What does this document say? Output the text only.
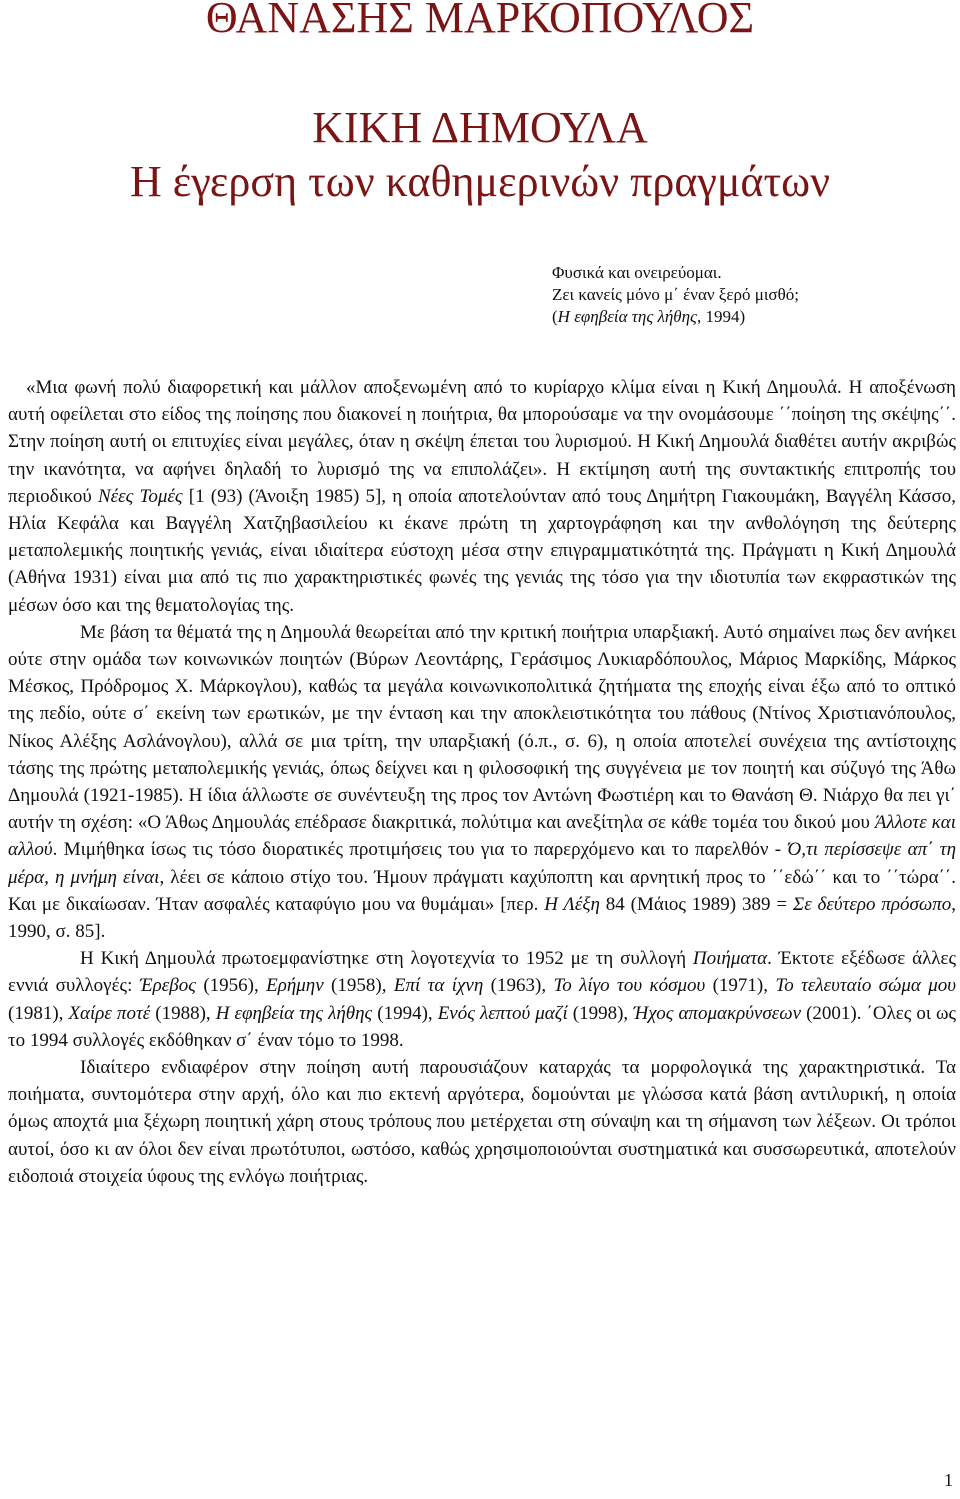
ΘΑΝΑΣΗΣ ΜΑΡΚΟΠΟΥΛΟΣ
ΚΙΚΗ ΔΗΜΟΥΛΑ
Η έγερση των καθημερινών πραγμάτων
Φυσικά και ονειρεύομαι.
Ζει κανείς μόνο μ΄ έναν ξερό μισθό;
(Η εφηβεία της λήθης, 1994)

«Μια φωνή πολύ διαφορετική και μάλλον αποξενωμένη από το κυρίαρχο κλίμα είναι η Κική Δημουλά. Η αποξένωση αυτή οφείλεται στο είδος της ποίησης που διακονεί η ποιήτρια, θα μπορούσαμε να την ονομάσουμε ΄΄ποίηση της σκέψης΄΄. Στην ποίηση αυτή οι επιτυχίες είναι μεγάλες, όταν η σκέψη έπεται του λυρισμού. Η Κική Δημουλά διαθέτει αυτήν ακριβώς την ικανότητα, να αφήνει δηλαδή το λυρισμό της να επιπολάζει». Η εκτίμηση αυτή της συντακτικής επιτροπής του περιοδικού Νέες Τομές [1 (93) (Άνοιξη 1985) 5], η οποία αποτελούνταν από τους Δημήτρη Γιακουμάκη, Βαγγέλη Κάσσο, Ηλία Κεφάλα και Βαγγέλη Χατζηβασιλείου κι έκανε πρώτη τη χαρτογράφηση και την ανθολόγηση της δεύτερης μεταπολεμικής ποιητικής γενιάς, είναι ιδιαίτερα εύστοχη μέσα στην επιγραμματικότητά της. Πράγματι η Κική Δημουλά (Αθήνα 1931) είναι μια από τις πιο χαρακτηριστικές φωνές της γενιάς της τόσο για την ιδιοτυπία των εκφραστικών της μέσων όσο και της θεματολογίας της.

Με βάση τα θέματά της η Δημουλά θεωρείται από την κριτική ποιήτρια υπαρξιακή. Αυτό σημαίνει πως δεν ανήκει ούτε στην ομάδα των κοινωνικών ποιητών (Βύρων Λεοντάρης, Γεράσιμος Λυκιαρδόπουλος, Μάριος Μαρκίδης, Μάρκος Μέσκος, Πρόδρομος Χ. Μάρκογλου), καθώς τα μεγάλα κοινωνικοπολιτικά ζητήματα της εποχής είναι έξω από το οπτικό της πεδίο, ούτε σ΄ εκείνη των ερωτικών, με την ένταση και την αποκλειστικότητα του πάθους (Ντίνος Χριστιανόπουλος, Νίκος Αλέξης Ασλάνογλου), αλλά σε μια τρίτη, την υπαρξιακή (ό.π., σ. 6), η οποία αποτελεί συνέχεια της αντίστοιχης τάσης της πρώτης μεταπολεμικής γενιάς, όπως δείχνει και η φιλοσοφική της συγγένεια με τον ποιητή και σύζυγό της Άθω Δημουλά (1921-1985). Η ίδια άλλωστε σε συνέντευξη της προς τον Αντώνη Φωστιέρη και το Θανάση Θ. Νιάρχο θα πει γι΄ αυτήν τη σχέση: «Ο Άθως Δημουλάς επέδρασε διακριτικά, πολύτιμα και ανεξίτηλα σε κάθε τομέα του δικού μου Άλλοτε και αλλού. Μιμήθηκα ίσως τις τόσο διορατικές προτιμήσεις του για το παρερχόμενο και το παρελθόν - Ό,τι περίσσεψε απ΄ τη μέρα, η μνήμη είναι, λέει σε κάποιο στίχο του. Ήμουν πράγματι καχύποπτη και αρνητική προς το ΄΄εδώ΄΄ και το ΄΄τώρα΄΄. Και με δικαίωσαν. Ήταν ασφαλές καταφύγιο μου να θυμάμαι» [περ. Η Λέξη 84 (Μάιος 1989) 389 = Σε δεύτερο πρόσωπο, 1990, σ. 85].

Η Κική Δημουλά πρωτοεμφανίστηκε στη λογοτεχνία το 1952 με τη συλλογή Ποιήματα. Έκτοτε εξέδωσε άλλες εννιά συλλογές: Έρεβος (1956), Ερήμην (1958), Επί τα ίχνη (1963), Το λίγο του κόσμου (1971), Το τελευταίο σώμα μου (1981), Χαίρε ποτέ (1988), Η εφηβεία της λήθης (1994), Ενός λεπτού μαζί (1998), Ήχος απομακρύνσεων (2001). ΄Ολες οι ως το 1994 συλλογές εκδόθηκαν σ΄ έναν τόμο το 1998.

Ιδιαίτερο ενδιαφέρον στην ποίηση αυτή παρουσιάζουν καταρχάς τα μορφολογικά της χαρακτηριστικά. Τα ποιήματα, συντομότερα στην αρχή, όλο και πιο εκτενή αργότερα, δομούνται με γλώσσα κατά βάση αντιλυρική, η οποία όμως αποχτά μια ξέχωρη ποιητική χάρη στους τρόπους που μετέρχεται στη σύναψη και τη σήμανση των λέξεων. Οι τρόποι αυτοί, όσο κι αν όλοι δεν είναι πρωτότυποι, ωστόσο, καθώς χρησιμοποιούνται συστηματικά και συσσωρευτικά, αποτελούν ειδοποιά στοιχεία ύφους της ενλόγω ποιήτριας.

1
